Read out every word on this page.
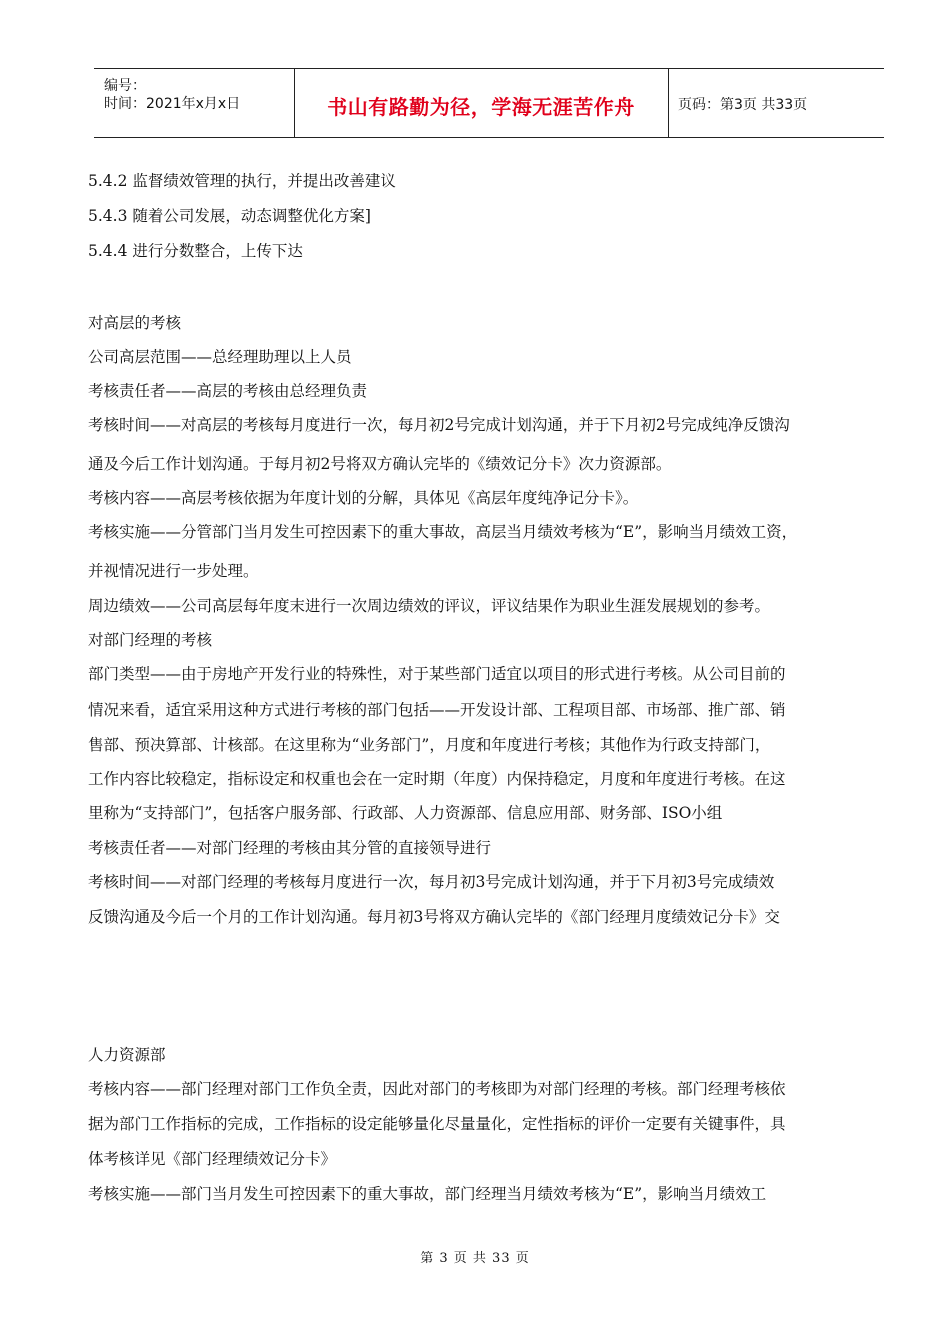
编号：
时间：2021年x月x日	书山有路勤为径，学海无涯苦作舟	页码：第3页 共33页
5.4.2 监督绩效管理的执行，并提出改善建议
5.4.3 随着公司发展，动态调整优化方案]
5.4.4 进行分数整合，上传下达
对高层的考核
公司高层范围——总经理助理以上人员
考核责任者——高层的考核由总经理负责
考核时间——对高层的考核每月度进行一次，每月初2号完成计划沟通，并于下月初2号完成纯净反馈沟
通及今后工作计划沟通。于每月初2号将双方确认完毕的《绩效记分卡》次力资源部。
考核内容——高层考核依据为年度计划的分解，具体见《高层年度纯净记分卡》。
考核实施——分管部门当月发生可控因素下的重大事故，高层当月绩效考核为“E”，影响当月绩效工资，
并视情况进行一步处理。
周边绩效——公司高层每年度末进行一次周边绩效的评议，评议结果作为职业生涯发展规划的参考。
对部门经理的考核
部门类型——由于房地产开发行业的特殊性，对于某些部门适宜以项目的形式进行考核。从公司目前的
情况来看，适宜采用这种方式进行考核的部门包括——开发设计部、工程项目部、市场部、推广部、销
售部、预决算部、计核部。在这里称为“业务部门”，月度和年度进行考核；其他作为行政支持部门，
工作内容比较稳定，指标设定和权重也会在一定时期（年度）内保持稳定，月度和年度进行考核。在这
里称为“支持部门”，包括客户服务部、行政部、人力资源部、信息应用部、财务部、ISO小组
考核责任者——对部门经理的考核由其分管的直接领导进行
考核时间——对部门经理的考核每月度进行一次，每月初3号完成计划沟通，并于下月初3号完成绩效
反馈沟通及今后一个月的工作计划沟通。每月初3号将双方确认完毕的《部门经理月度绩效记分卡》交
人力资源部
考核内容——部门经理对部门工作负全责，因此对部门的考核即为对部门经理的考核。部门经理考核依
据为部门工作指标的完成，工作指标的设定能够量化尽量量化，定性指标的评价一定要有关键事件，具
体考核详见《部门经理绩效记分卡》
考核实施——部门当月发生可控因素下的重大事故，部门经理当月绩效考核为“E”，影响当月绩效工
第 3 页 共 33 页
